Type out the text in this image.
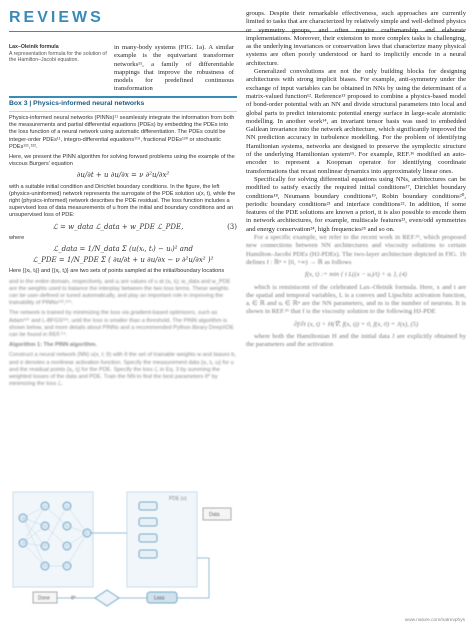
REVIEWS
Lax–Oleinik formula
A representation formula for the solution of the Hamilton–Jacobi equation.
in many-body systems (FIG. 1a). A similar example is the equivariant transformer networks¹¹, a family of differentiable mappings that improve the robustness of models for predefined continuous transformation

groups. Despite their remarkable effectiveness, such approaches are currently limited to tasks that are characterized by relatively simple and well-defined physics or symmetry groups, and often require craftsmanship and elaborate implementations. Moreover, their extension to more complex tasks is challenging, as the underlying invariances or conservation laws that characterize many physical systems are often poorly understood or hard to implicitly encode in a neural architecture.

Generalized convolutions are not the only building blocks for designing architectures with strong implicit biases. For example, anti-symmetry under the exchange of input variables can be obtained in NNs by using the determinant of a matrix-valued function¹². Reference¹³ proposed to combine a physics-based model of bond-order potential with an NN and divide structural parameters into local and global parts to predict interatomic potential energy surface in large-scale atomistic modelling. In another work¹⁴, an invariant tensor basis was used to embedded Galilean invariance into the network architecture, which significantly improved the NN prediction accuracy in turbulence modelling. For the problem of identifying Hamiltonian systems, networks are designed to preserve the symplectic structure of the underlying Hamiltonian system¹⁵. For example, REF.¹⁶ modified an auto-encoder to represent a Koopman operator for identifying coordinate transformations that recast nonlinear dynamics into approximately linear ones.

Specifically for solving differential equations using NNs, architectures can be modified to satisfy exactly the required initial conditions¹⁷, Dirichlet boundary conditions¹⁸, Neumann boundary conditions¹⁹, Robin boundary conditions²⁰, periodic boundary conditions²¹ and interface conditions²². In addition, if some features of the PDE solutions are known a priori, it is also possible to encode them in network architectures, for example, multiscale features²³, even/odd symmetries and energy conservation²⁴, high frequencies²⁵ and so on.

For a specific example, we refer to the recent work in REF.²⁶, which proposed new connections between NN architectures and viscosity solutions to certain Hamilton–Jacobi PDEs (HJ-PDEs). The two-layer architecture depicted in FIG. 1b defines f : ℝⁿ × [0, +∞) → ℝ as follows

f(x, t) := min { t L((x − uᵢ)/t) + aᵢ }, (4)

which is reminiscent of the celebrated Lax–Oleinik formula. Here, x and t are the spatial and temporal variables, L is a convex and Lipschitz activation function, aᵢ ∈ ℝ and uᵢ ∈ ℝⁿ are the NN parameters, and m is the number of neurons. It is shown in REF.²⁶ that f is the viscosity solution to the following HJ-PDE

∂f/∂t (x, t) + H(∇ₓ f(x, t)) = 0, f(x, 0) = J(x), (5)

where both the Hamiltonian H and the initial data J are explicitly obtained by the parameters and the activation

Box 3 | Physics-informed neural networks

Physics-informed neural networks (PINNs)¹¹ seamlessly integrate the information from both the measurements and partial differential equations (PDEs) by embedding the PDEs into the loss function of a neural network using automatic differentiation. The PDEs could be integer-order PDEs¹¹, integro-differential equations¹¹⁹, fractional PDEs¹²⁰ or stochastic PDEs¹²¹,¹²².

Here, we present the PINN algorithm for solving forward problems using the example of the viscous Burgers' equation

∂u/∂t + u ∂u/∂x = ν ∂²u/∂x²

with a suitable initial condition and Dirichlet boundary conditions. In the figure, the left (physics-uninformed) network represents the surrogate of the PDE solution u(x, t), while the right (physics-informed) network describes the PDE residual. The loss function includes a supervised loss of data measurements of u from the initial and boundary conditions and an unsupervised loss of PDE:

(3)
ℒ = w_data ℒ_data + w_PDE ℒ_PDE,

where

ℒ_data = 1/N_data Σ (u(xᵢ, tᵢ) − uᵢ)² and
ℒ_PDE = 1/N_PDE Σ ( ∂u/∂t + u ∂u/∂x − ν ∂²u/∂x² )²

Here {(xᵢ, tᵢ)} and {(xⱼ, tⱼ)} are two sets of points sampled at the initial/boundary locations

and in the entire domain, respectively, and uᵢ are values of u at (xᵢ, tᵢ); w_data and w_PDE are the weights used to balance the interplay between the two loss terms. These weights can be user-defined or tuned automatically, and play an important role in improving the trainability of PINNs¹²³,¹²⁴.

The network is trained by minimizing the loss via gradient-based optimizers, such as Adam¹²⁵ and L-BFGS¹²⁶, until the loss is smaller than a threshold. The PINN algorithm is shown below, and more details about PINNs and a recommended Python library DeepXDE can be found in REF.⁵⁴.

Algorithm 1: The PINN algorithm.

Construct a neural network (NN) u(x, t; θ) with θ the set of trainable weights w and biases b, and σ denotes a nonlinear activation function. Specify the measurement data {xᵢ, tᵢ, uᵢ} for u and the residual points {xⱼ, tⱼ} for the PDE. Specify the loss ℒ in Eq. 3 by summing the weighted losses of the data and PDE. Train the NN to find the best parameters θ* by minimizing the loss ℒ.

PDE (ν)
Loss
Done	θ*
Data
www.nature.com/natrevphys
